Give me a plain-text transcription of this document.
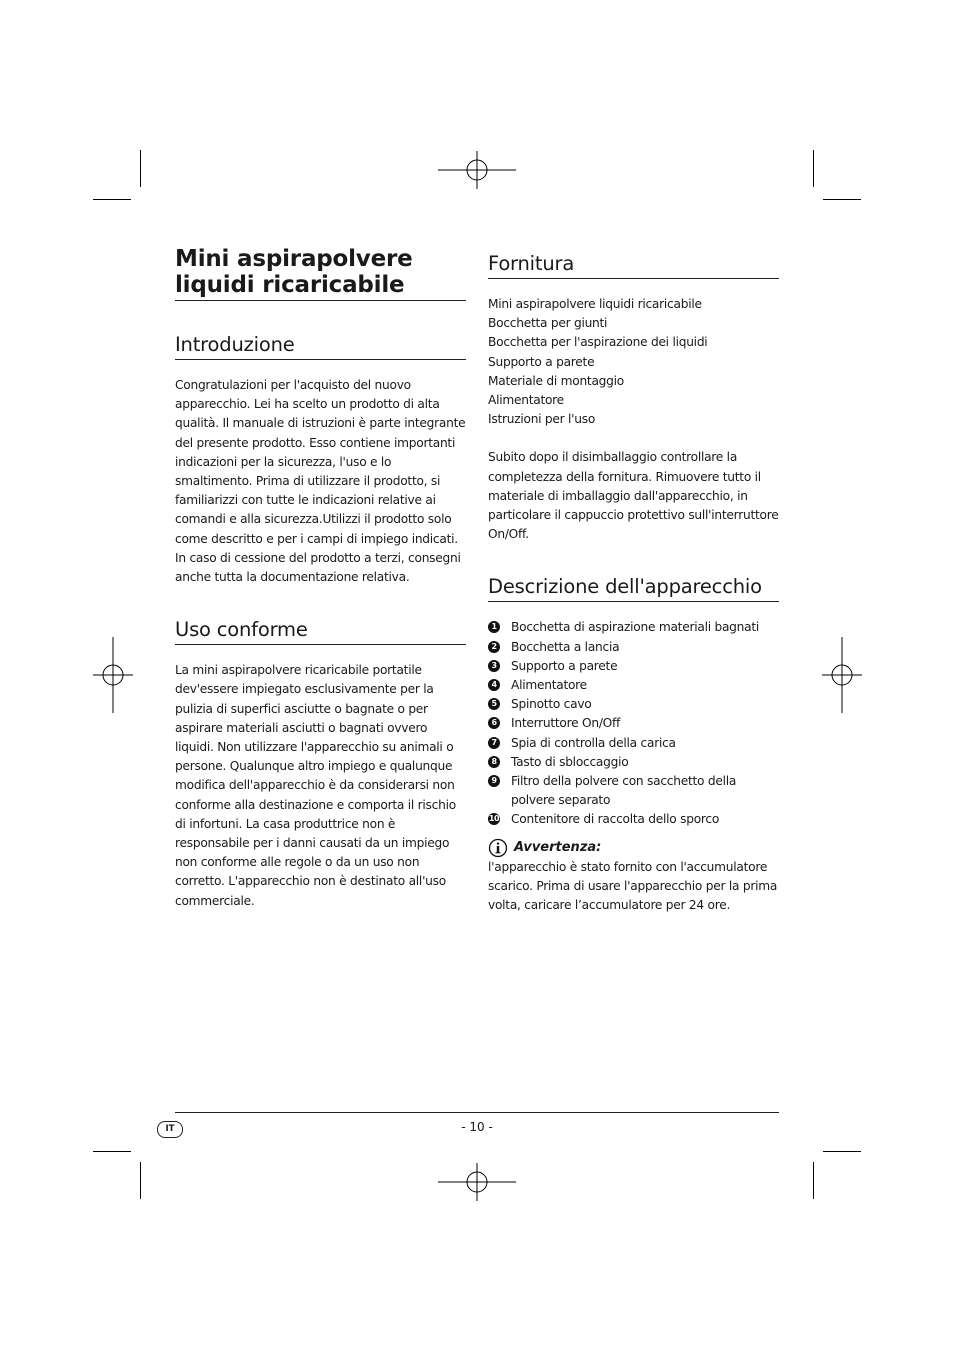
Mini aspirapolvere
liquidi ricaricabile
Introduzione

Congratulazioni per l'acquisto del nuovo apparecchio. Lei ha scelto un prodotto di alta qualità. Il manuale di istruzioni è parte integrante del presente prodotto. Esso contiene importanti indicazioni per la sicurezza, l'uso e lo smaltimento. Prima di utilizzare il prodotto, si familiarizzi con tutte le indicazioni relative ai comandi e alla sicurezza.Utilizzi il prodotto solo come descritto e per i campi di impiego indicati. In caso di cessione del prodotto a terzi, consegni anche tutta la documentazione relativa.

Uso conforme

La mini aspirapolvere ricaricabile portatile dev'essere impiegato esclusivamente per la pulizia di superfici asciutte o bagnate o per aspirare materiali asciutti o bagnati ovvero liquidi. Non utilizzare l'apparecchio su animali o persone. Qualunque altro impiego e qualunque modifica dell'apparecchio è da considerarsi non conforme alla destinazione e comporta il rischio di infortuni. La casa produttrice non è responsabile per i danni causati da un impiego non conforme alle regole o da un uso non corretto. L'apparecchio non è destinato all'uso commerciale.

Fornitura
Mini aspirapolvere liquidi ricaricabile
Bocchetta per giunti
Bocchetta per l'aspirazione dei liquidi
Supporto a parete
Materiale di montaggio
Alimentatore
Istruzioni per l'uso

Subito dopo il disimballaggio controllare la completezza della fornitura. Rimuovere tutto il materiale di imballaggio dall'apparecchio, in particolare il cappuccio protettivo sull'interruttore On/Off.

Descrizione dell'apparecchio
1 Bocchetta di aspirazione materiali bagnati
2 Bocchetta a lancia
3 Supporto a parete
4 Alimentatore
5 Spinotto cavo
6 Interruttore On/Off
7 Spia di controlla della carica
8 Tasto di sbloccaggio
9 Filtro della polvere con sacchetto della polvere separato
10 Contenitore di raccolta dello sporco
Avvertenza:

l'apparecchio è stato fornito con l'accumulatore scarico. Prima di usare l'apparecchio per la prima volta, caricare l’accumulatore per 24 ore.

IT	- 10 -
